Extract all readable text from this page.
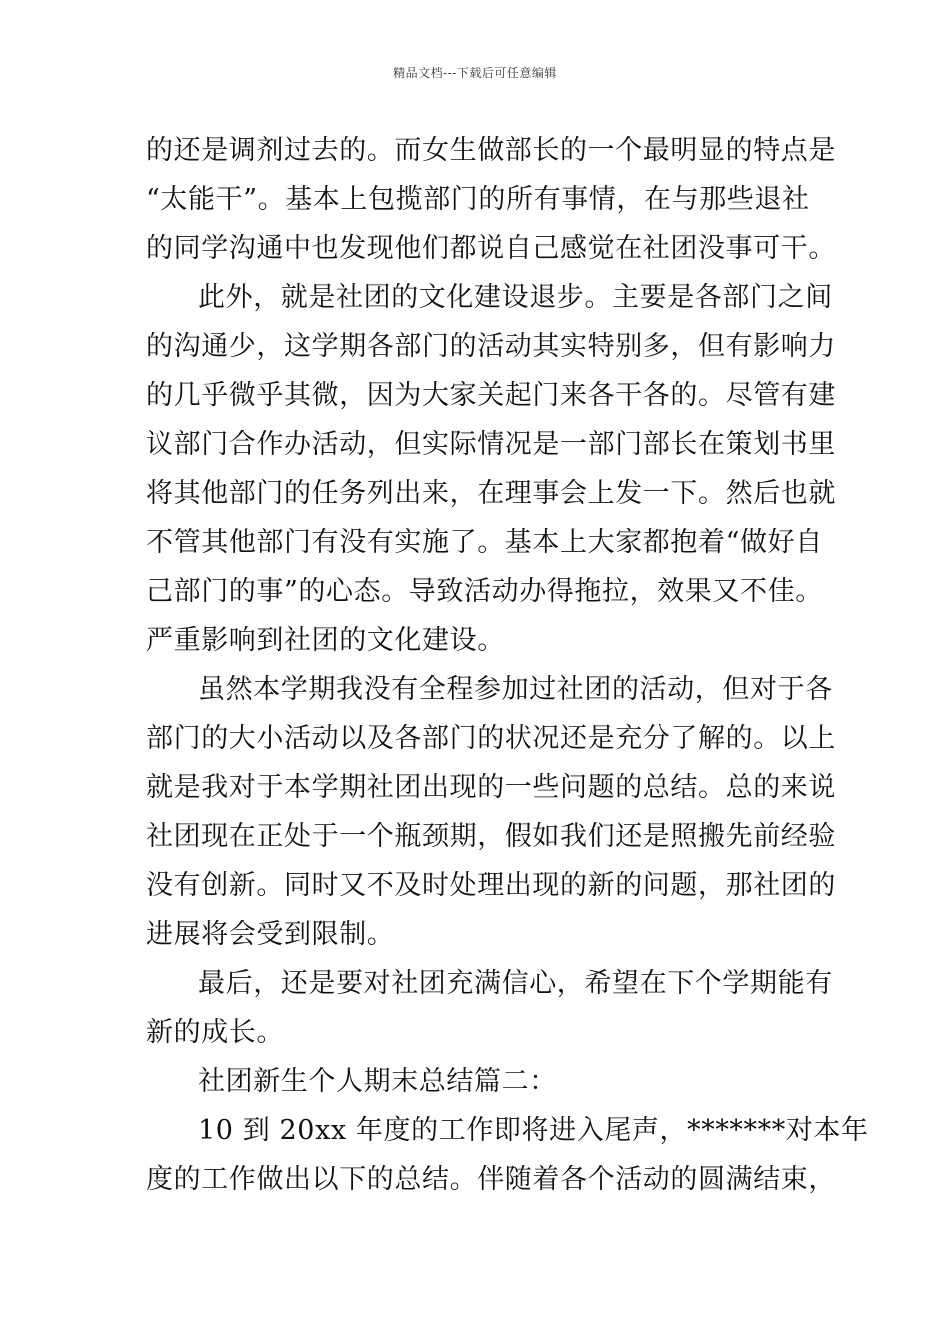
精品文档---下载后可任意编辑
的还是调剂过去的。而女生做部长的一个最明显的特点是
“太能干”。基本上包揽部门的所有事情，在与那些退社
的同学沟通中也发现他们都说自己感觉在社团没事可干。
此外，就是社团的文化建设退步。主要是各部门之间
的沟通少，这学期各部门的活动其实特别多，但有影响力
的几乎微乎其微，因为大家关起门来各干各的。尽管有建
议部门合作办活动，但实际情况是一部门部长在策划书里
将其他部门的任务列出来，在理事会上发一下。然后也就
不管其他部门有没有实施了。基本上大家都抱着“做好自
己部门的事”的心态。导致活动办得拖拉，效果又不佳。
严重影响到社团的文化建设。
虽然本学期我没有全程参加过社团的活动，但对于各
部门的大小活动以及各部门的状况还是充分了解的。以上
就是我对于本学期社团出现的一些问题的总结。总的来说
社团现在正处于一个瓶颈期，假如我们还是照搬先前经验
没有创新。同时又不及时处理出现的新的问题，那社团的
进展将会受到限制。
最后，还是要对社团充满信心，希望在下个学期能有
新的成长。
社团新生个人期末总结篇二：
10 到 20xx 年度的工作即将进入尾声，*******对本年
度的工作做出以下的总结。伴随着各个活动的圆满结束，
